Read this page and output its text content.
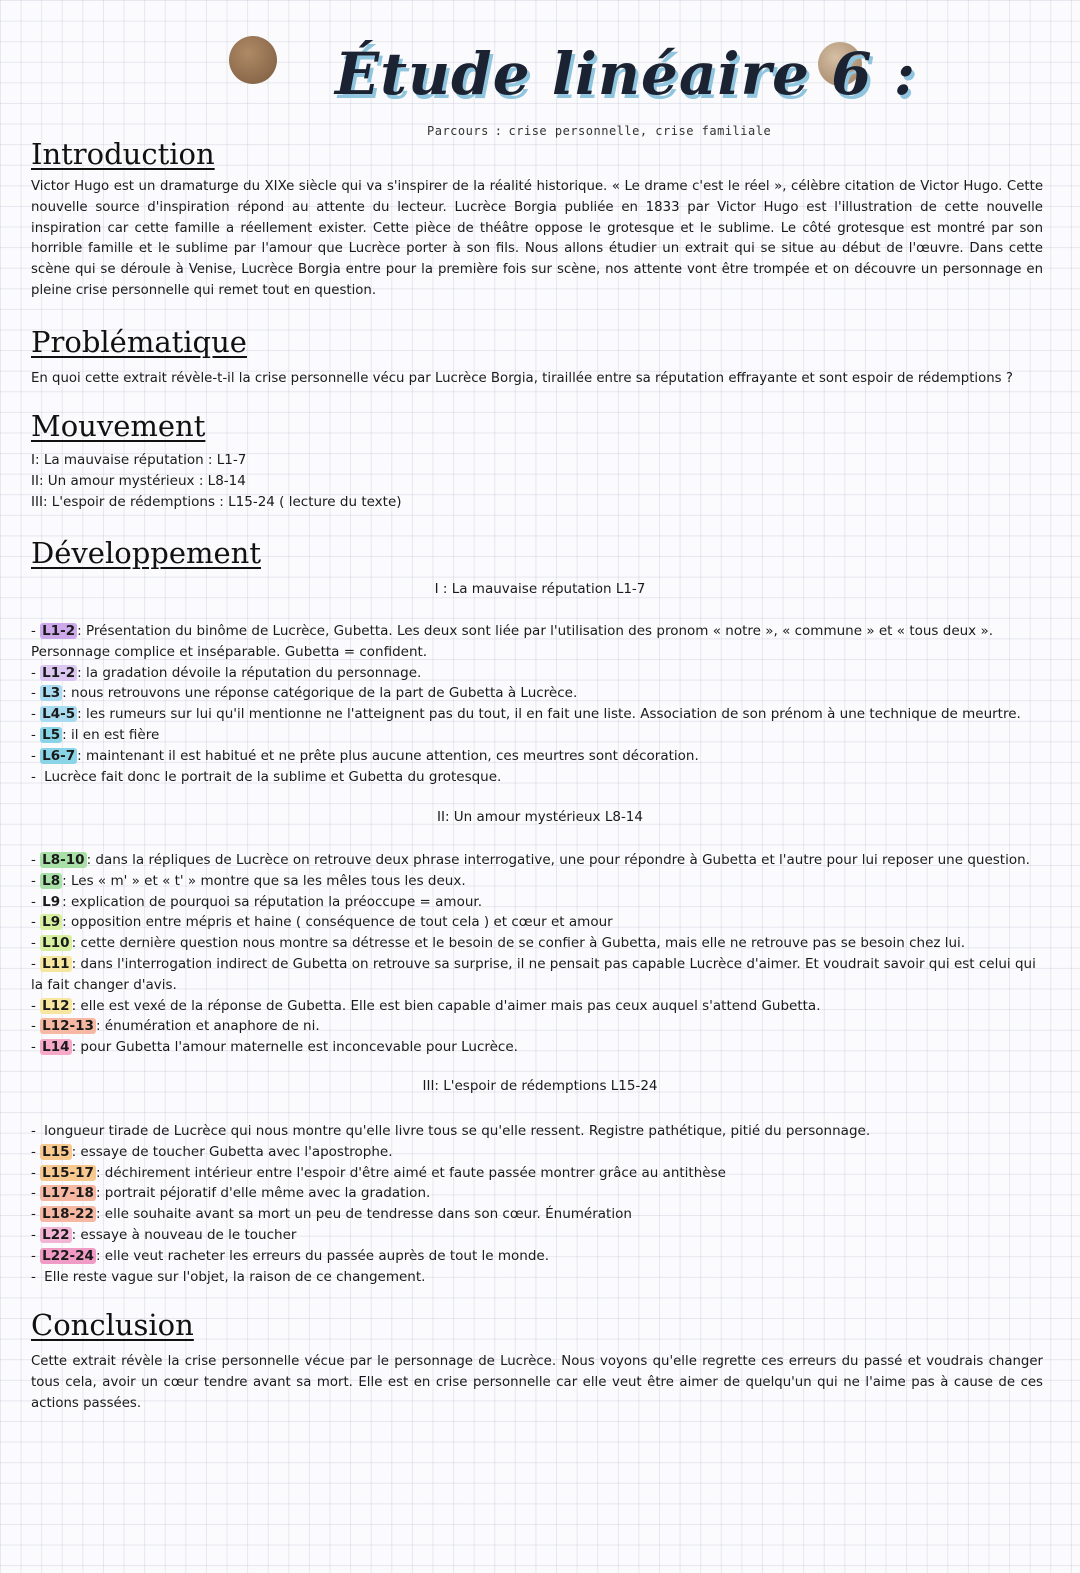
Étude linéaire 6 :
Parcours : crise personnelle, crise familiale
Introduction

Victor Hugo est un dramaturge du XIXe siècle qui va s'inspirer de la réalité historique. « Le drame c'est le réel », célèbre citation de Victor Hugo. Cette nouvelle source d'inspiration répond au attente du lecteur. Lucrèce Borgia publiée en 1833 par Victor Hugo est l'illustration de cette nouvelle inspiration car cette famille a réellement exister. Cette pièce de théâtre oppose le grotesque et le sublime. Le côté grotesque est montré par son horrible famille et le sublime par l'amour que Lucrèce porter à son fils. Nous allons étudier un extrait qui se situe au début de l'œuvre. Dans cette scène qui se déroule à Venise, Lucrèce Borgia entre pour la première fois sur scène, nos attente vont être trompée et on découvre un personnage en pleine crise personnelle qui remet tout en question.

Problématique

En quoi cette extrait révèle-t-il la crise personnelle vécu par Lucrèce Borgia, tiraillée entre sa réputation effrayante et sont espoir de rédemptions ?

Mouvement
I: La mauvaise réputation : L1-7
II: Un amour mystérieux : L8-14
III: L'espoir de rédemptions : L15-24 ( lecture du texte)
Développement
I : La mauvaise réputation L1-7
- L1-2 : Présentation du binôme de Lucrèce, Gubetta. Les deux sont liée par l'utilisation des pronom « notre », « commune » et « tous deux ». Personnage complice et inséparable. Gubetta = confident.
- L1-2 : la gradation dévoile la réputation du personnage.
- L3 : nous retrouvons une réponse catégorique de la part de Gubetta à Lucrèce.
- L4-5 : les rumeurs sur lui qu'il mentionne ne l'atteignent pas du tout, il en fait une liste. Association de son prénom à une technique de meurtre.
- L5 : il en est fière
- L6-7 : maintenant il est habitué et ne prête plus aucune attention, ces meurtres sont décoration.
- Lucrèce fait donc le portrait de la sublime et Gubetta du grotesque.
II: Un amour mystérieux L8-14
- L8-10 : dans la répliques de Lucrèce on retrouve deux phrase interrogative, une pour répondre à Gubetta et l'autre pour lui reposer une question.
- L8 : Les « m' » et « t' » montre que sa les mêles tous les deux.
- L9 : explication de pourquoi sa réputation la préoccupe = amour.
- L9 : opposition entre mépris et haine ( conséquence de tout cela ) et cœur et amour
- L10 : cette dernière question nous montre sa détresse et le besoin de se confier à Gubetta, mais elle ne retrouve pas se besoin chez lui.
- L11 : dans l'interrogation indirect de Gubetta on retrouve sa surprise, il ne pensait pas capable Lucrèce d'aimer. Et voudrait savoir qui est celui qui la fait changer d'avis.
- L12 : elle est vexé de la réponse de Gubetta. Elle est bien capable d'aimer mais pas ceux auquel s'attend Gubetta.
- L12-13 : énumération et anaphore de ni.
- L14 : pour Gubetta l'amour maternelle est inconcevable pour Lucrèce.
III: L'espoir de rédemptions L15-24
- longueur tirade de Lucrèce qui nous montre qu'elle livre tous se qu'elle ressent. Registre pathétique, pitié du personnage.
- L15 : essaye de toucher Gubetta avec l'apostrophe.
- L15-17 : déchirement intérieur entre l'espoir d'être aimé et faute passée montrer grâce au antithèse
- L17-18 : portrait péjoratif d'elle même avec la gradation.
- L18-22 : elle souhaite avant sa mort un peu de tendresse dans son cœur. Énumération
- L22 : essaye à nouveau de le toucher
- L22-24 : elle veut racheter les erreurs du passée auprès de tout le monde.
- Elle reste vague sur l'objet, la raison de ce changement.
Conclusion

Cette extrait révèle la crise personnelle vécue par le personnage de Lucrèce. Nous voyons qu'elle regrette ces erreurs du passé et voudrais changer tous cela, avoir un cœur tendre avant sa mort. Elle est en crise personnelle car elle veut être aimer de quelqu'un qui ne l'aime pas à cause de ces actions passées.
